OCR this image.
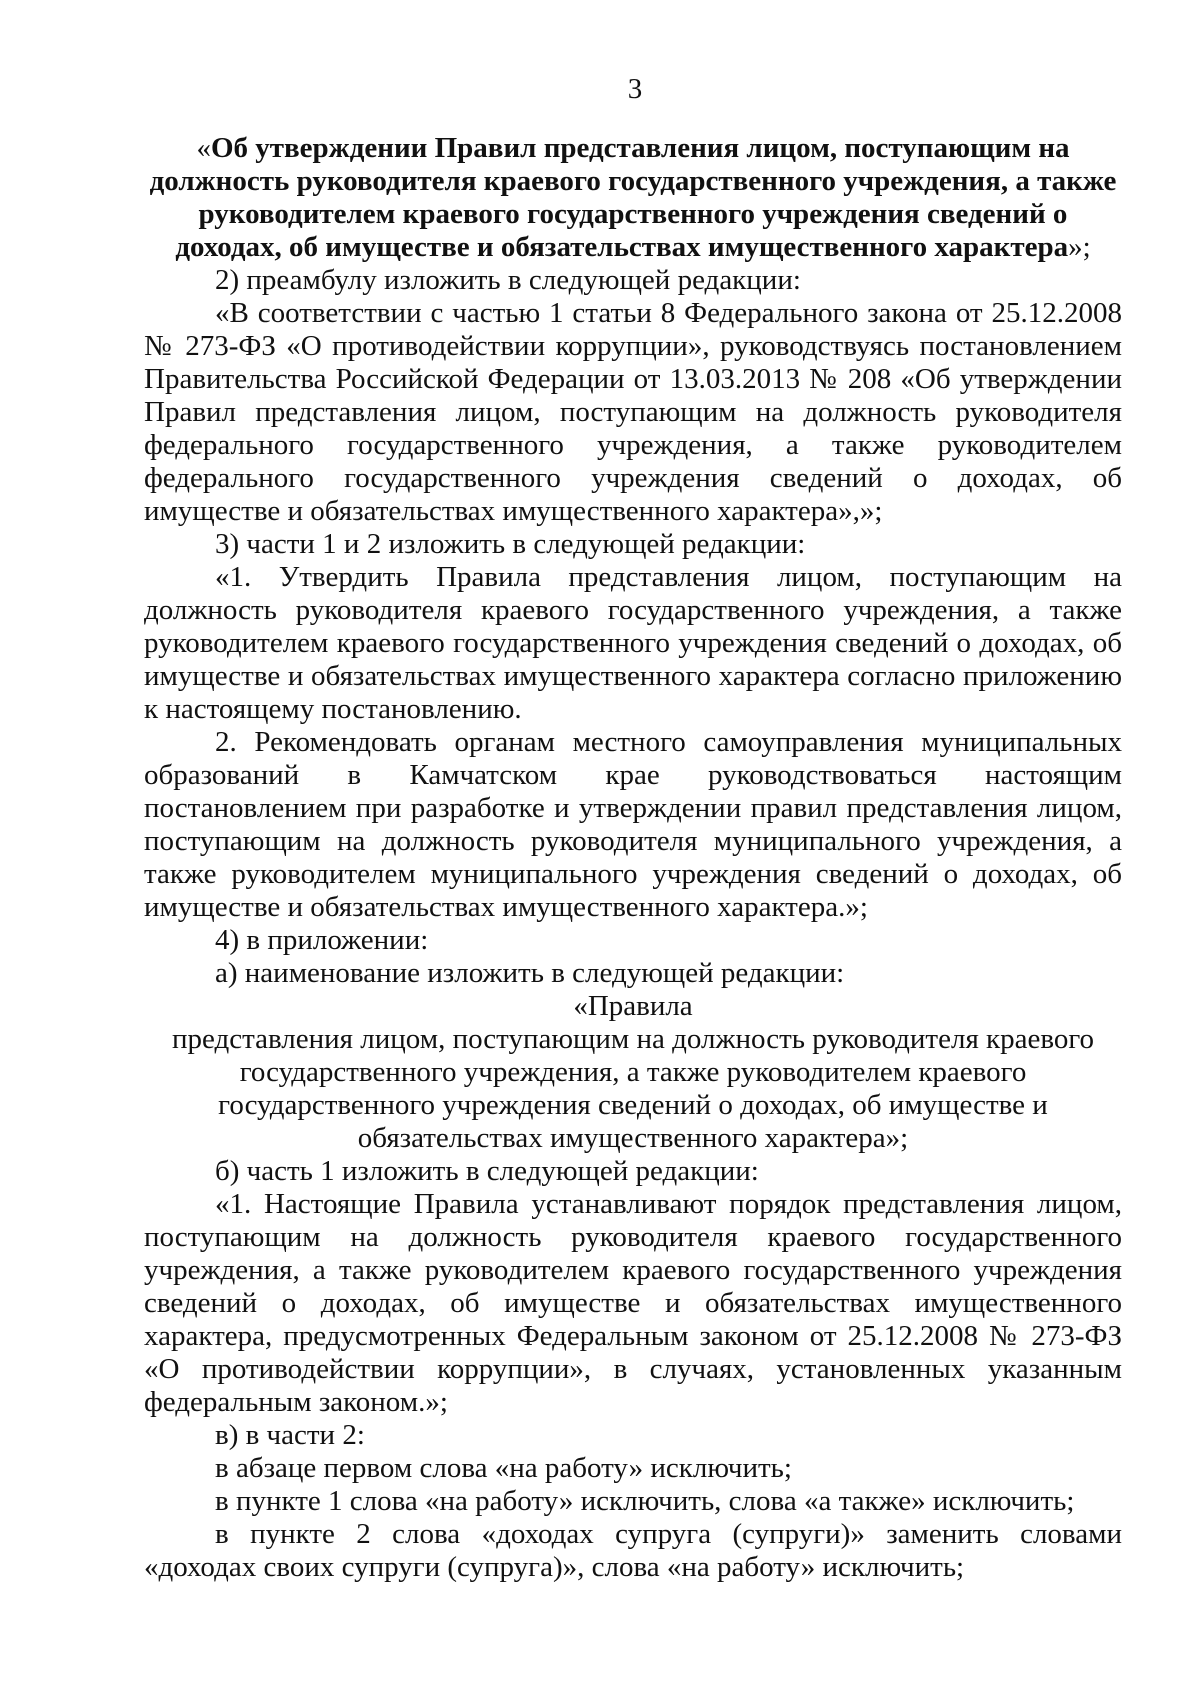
3

«Об утверждении Правил представления лицом, поступающим на должность руководителя краевого государственного учреждения, а также руководителем краевого государственного учреждения сведений о доходах, об имуществе и обязательствах имущественного характера»;

2) преамбулу изложить в следующей редакции:

«В соответствии с частью 1 статьи 8 Федерального закона от 25.12.2008 № 273-ФЗ «О противодействии коррупции», руководствуясь постановлением Правительства Российской Федерации от 13.03.2013 № 208 «Об утверждении Правил представления лицом, поступающим на должность руководителя федерального государственного учреждения, а также руководителем федерального государственного учреждения сведений о доходах, об имуществе и обязательствах имущественного характера»,»;

3) части 1 и 2 изложить в следующей редакции:

«1. Утвердить Правила представления лицом, поступающим на должность руководителя краевого государственного учреждения, а также руководителем краевого государственного учреждения сведений о доходах, об имуществе и обязательствах имущественного характера согласно приложению к настоящему постановлению.

2. Рекомендовать органам местного самоуправления муниципальных образований в Камчатском крае руководствоваться настоящим постановлением при разработке и утверждении правил представления лицом, поступающим на должность руководителя муниципального учреждения, а также руководителем муниципального учреждения сведений о доходах, об имуществе и обязательствах имущественного характера.»;

4) в приложении:

а) наименование изложить в следующей редакции:

«Правила

представления лицом, поступающим на должность руководителя краевого

государственного учреждения, а также руководителем краевого

государственного учреждения сведений о доходах, об имуществе и

обязательствах имущественного характера»;

б) часть 1 изложить в следующей редакции:

«1. Настоящие Правила устанавливают порядок представления лицом, поступающим на должность руководителя краевого государственного учреждения, а также руководителем краевого государственного учреждения сведений о доходах, об имуществе и обязательствах имущественного характера, предусмотренных Федеральным законом от 25.12.2008 № 273-ФЗ «О противодействии коррупции», в случаях, установленных указанным федеральным законом.»;

в) в части 2:

в абзаце первом слова «на работу» исключить;

в пункте 1 слова «на работу» исключить, слова «а также» исключить;

в пункте 2 слова «доходах супруга (супруги)» заменить словами «доходах своих супруги (супруга)», слова «на работу» исключить;
